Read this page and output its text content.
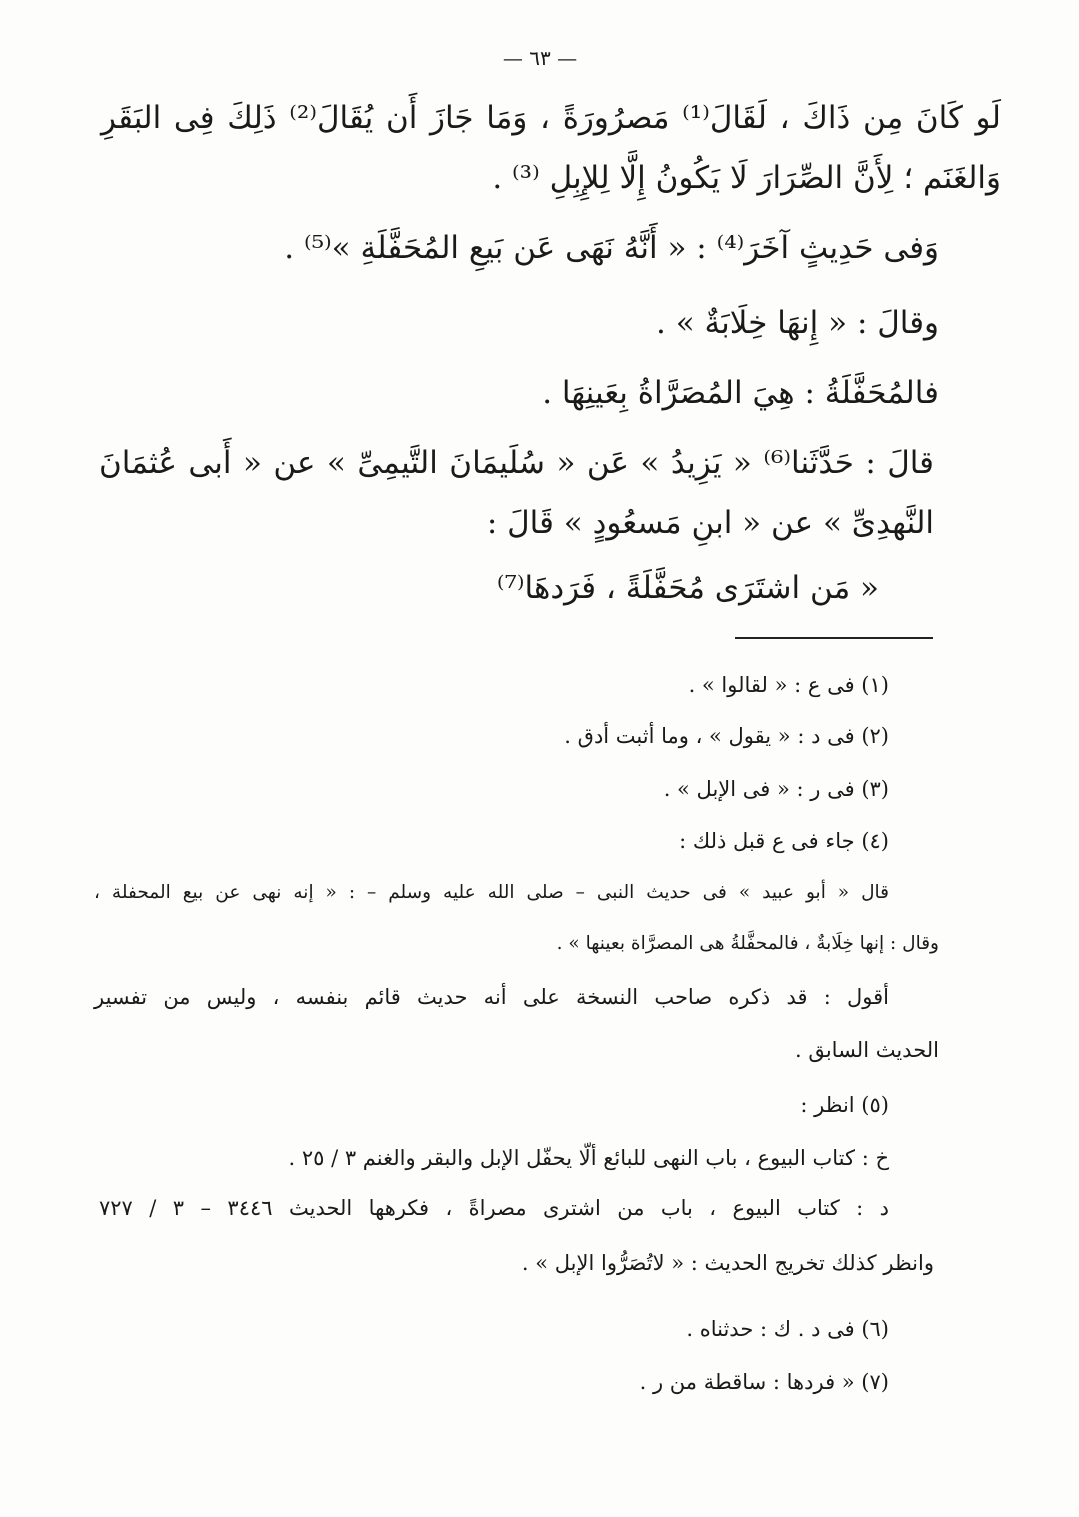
— ٦٣ —

لَو كَانَ مِن ذَاكَ ، لَقَالَ⁽¹⁾ مَصرُورَةً ، وَمَا جَازَ أَن يُقَالَ⁽²⁾ ذَلِكَ فِى البَقَرِ

وَالغَنَم ؛ لِأَنَّ الصِّرَارَ لَا يَكُونُ إِلَّا لِلإِبِلِ ⁽³⁾ .

وَفى حَدِيثٍ آخَرَ⁽⁴⁾ : « أَنَّهُ نَهَى عَن بَيعِ المُحَفَّلَةِ »⁽⁵⁾ .

وقالَ : « إِنهَا خِلَابَةٌ » .

فالمُحَفَّلَةُ : هِيَ المُصَرَّاةُ بِعَينِهَا .

قالَ : حَدَّثَنا⁽⁶⁾ « يَزِيدُ » عَن « سُلَيمَانَ التَّيمِىِّ » عن « أَبى عُثمَانَ

النَّهدِىِّ » عن « ابنِ مَسعُودٍ » قَالَ :

« مَن اشتَرَى مُحَفَّلَةً ، فَرَدهَا⁽⁷⁾

(١) فى ع : « لقالوا » .

(٢) فى د : « يقول » ، وما أثبت أدق .

(٣) فى ر : « فى الإبل » .

(٤) جاء فى ع قبل ذلك :

قال « أبو عبيد » فى حديث النبى – صلى الله عليه وسلم – : « إنه نهى عن بيع المحفلة ،

وقال : إنها خِلَابةٌ ، فالمحفَّلةُ هى المصرَّاة بعينها » .

أقول : قد ذكره صاحب النسخة على أنه حديث قائم بنفسه ، وليس من تفسير

الحديث السابق .

(٥) انظر :

خ : كتاب البيوع ، باب النهى للبائع ألّا يحفّل الإبل والبقر والغنم ٣ / ٢٥ .

د : كتاب البيوع ، باب من اشترى مصراةً ، فكرهها الحديث ٣٤٤٦ – ٣ / ٧٢٧

وانظر كذلك تخريج الحديث : « لاتُصَرُّوا الإبل » .

(٦) فى د . ك : حدثناه .

(٧) « فردها : ساقطة من ر .
